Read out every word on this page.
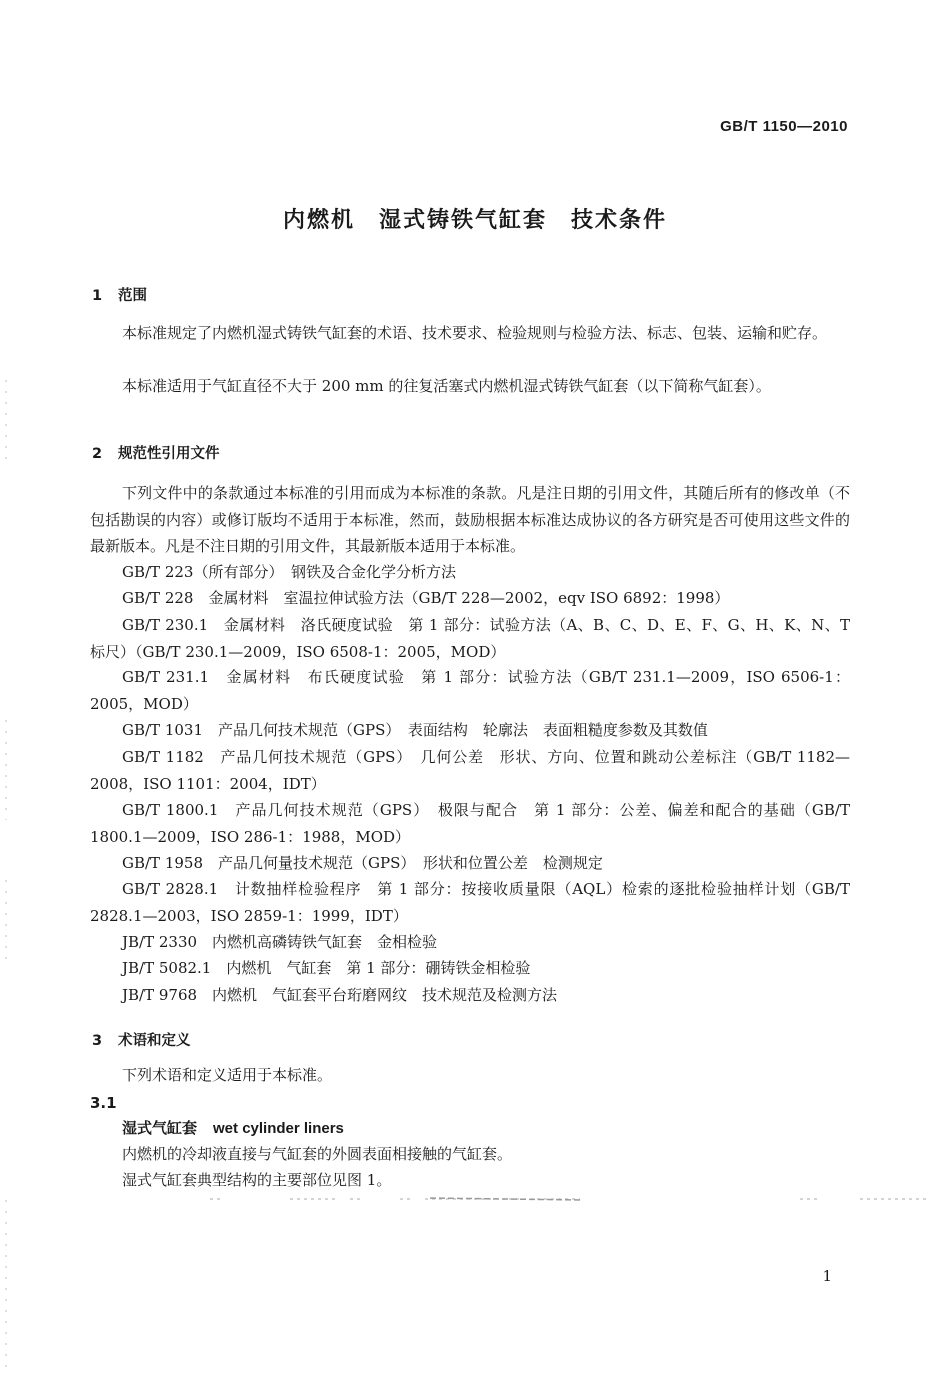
GB/T 1150—2010
内燃机　湿式铸铁气缸套　技术条件
1 范围
本标准规定了内燃机湿式铸铁气缸套的术语、技术要求、检验规则与检验方法、标志、包装、运输和贮存。
本标准适用于气缸直径不大于 200 mm 的往复活塞式内燃机湿式铸铁气缸套（以下简称气缸套）。
2 规范性引用文件
下列文件中的条款通过本标准的引用而成为本标准的条款。凡是注日期的引用文件，其随后所有的修改单（不包括勘误的内容）或修订版均不适用于本标准，然而，鼓励根据本标准达成协议的各方研究是否可使用这些文件的最新版本。凡是不注日期的引用文件，其最新版本适用于本标准。
GB/T 223（所有部分）　钢铁及合金化学分析方法
GB/T 228　金属材料　室温拉伸试验方法（GB/T 228—2002，eqv ISO 6892：1998）
GB/T 230.1　金属材料　洛氏硬度试验　第 1 部分：试验方法（A、B、C、D、E、F、G、H、K、N、T 标尺）（GB/T 230.1—2009，ISO 6508-1：2005，MOD）
GB/T 231.1　金属材料　布氏硬度试验　第 1 部分：试验方法（GB/T 231.1—2009，ISO 6506-1：2005，MOD）
GB/T 1031　产品几何技术规范（GPS）　表面结构　轮廓法　表面粗糙度参数及其数值
GB/T 1182　产品几何技术规范（GPS）　几何公差　形状、方向、位置和跳动公差标注（GB/T 1182—2008，ISO 1101：2004，IDT）
GB/T 1800.1　产品几何技术规范（GPS）　极限与配合　第 1 部分：公差、偏差和配合的基础（GB/T 1800.1—2009，ISO 286-1：1988，MOD）
GB/T 1958　产品几何量技术规范（GPS）　形状和位置公差　检测规定
GB/T 2828.1　计数抽样检验程序　第 1 部分：按接收质量限（AQL）检索的逐批检验抽样计划（GB/T 2828.1—2003，ISO 2859-1：1999，IDT）
JB/T 2330　内燃机高磷铸铁气缸套　金相检验
JB/T 5082.1　内燃机　气缸套　第 1 部分：硼铸铁金相检验
JB/T 9768　内燃机　气缸套平台珩磨网纹　技术规范及检测方法
3 术语和定义
下列术语和定义适用于本标准。
3.1
湿式气缸套 wet cylinder liners
内燃机的冷却液直接与气缸套的外圆表面相接触的气缸套。
湿式气缸套典型结构的主要部位见图 1。
1
